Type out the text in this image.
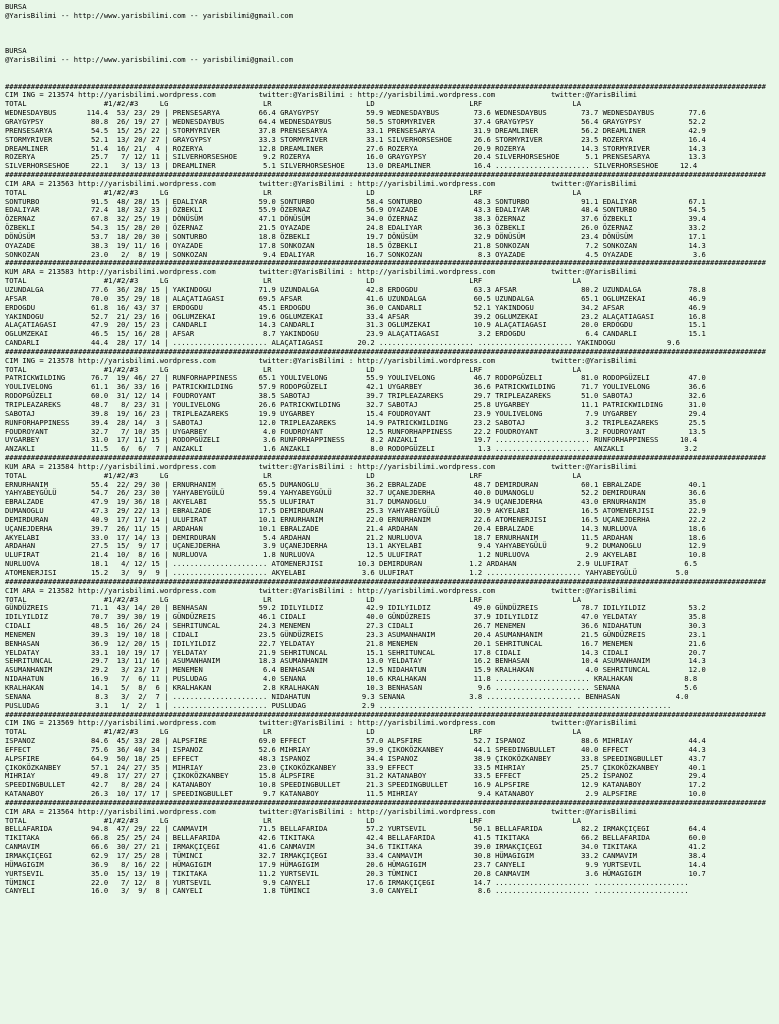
BURSA
@YarisBilimi -- http://www.yarisbilimi.com -- yarisbilimi@gmail.com

BURSA
@YarisBilimi -- http://www.yarisbilimi.com -- yarisbilimi@gmail.com

#################################################################################################################################################################################
CIM ING = 213574 http://yarisbilimi.wordpress.com          twitter:@YarisBilimi : http://yarisbilimi.wordpress.com             twitter:@YarisBilimi
TOTAL                  #1/#2/#3     LG                      LR                      LD                      LRF                     LA
WEDNESDAYBUS       114.4  53/ 23/ 29 | PRENSESARYA         66.4 GRAYGYPSY           59.9 WEDNESDAYBUS        73.6 WEDNESDAYBUS        73.7 WEDNESDAYBUS        77.6
GRAYGYPSY           80.8  26/ 19/ 27 | WEDNESDAYBUS        64.4 WEDNESDAYBUS        50.5 STORMYRIVER         37.4 GRAYGYPSY           56.4 GRAYGYPSY           52.2
PRENSESARYA         54.5  15/ 25/ 22 | STORMYRIVER         37.8 PRENSESARYA         33.1 PRENSESARYA         31.9 DREAMLINER          56.2 DREAMLINER          42.9
STORMYRIVER         52.1  13/ 20/ 27 | GRAYGYPSY           33.3 STORMYRIVER         33.1 SILVERHORSESHOE     26.6 STORMYRIVER         23.5 ROZERYA             16.4
DREAMLINER          51.4  16/ 21/  4 | ROZERYA             12.8 DREAMLINER          27.6 ROZERYA             20.9 ROZERYA             14.3 STORMYRIVER         14.3
ROZERYA             25.7   7/ 12/ 11 | SILVERHORSESHOE      9.2 ROZERYA             16.0 GRAYGYPSY           20.4 SILVERHORSESHOE      5.1 PRENSESARYA         13.3
SILVERHORSESHOE     22.1   3/ 13/ 13 | DREAMLINER           5.1 SILVERHORSESHOE     13.0 DREAMLINER          16.4 ...................... SILVERHORSESHOE     12.4
#################################################################################################################################################################################
CIM ARA = 213563 http://yarisbilimi.wordpress.com          twitter:@YarisBilimi : http://yarisbilimi.wordpress.com             twitter:@YarisBilimi
TOTAL                  #1/#2/#3     LG                      LR                      LD                      LRF                     LA
SONTURBO            91.5  48/ 28/ 15 | EDALIYAR            59.0 SONTURBO            58.4 SONTURBO            48.3 SONTURBO            91.1 EDALIYAR            67.1
EDALIYAR            72.4  18/ 32/ 33 | ÖZBEKLI             55.9 ÖZERNAZ             56.9 OYAZADE             43.3 EDALIYAR            48.4 SONTURBO            54.5
ÖZERNAZ             67.8  32/ 25/ 19 | DÖNÜSÜM             47.1 DÖNÜSÜM             34.0 ÖZERNAZ             38.3 ÖZERNAZ             37.6 ÖZBEKLI             39.4
ÖZBEKLI             54.3  15/ 28/ 20 | ÖZERNAZ             21.5 OYAZADE             24.8 EDALIYAR            36.3 ÖZBEKLI             26.0 ÖZERNAZ             33.2
DÖNÜSÜM             53.7  18/ 20/ 30 | SONTURBO            18.8 ÖZBEKLI             19.7 DÖNÜSÜM             32.9 DÖNÜSÜM             23.4 DÖNÜSÜM             17.1
OYAZADE             38.3  19/ 11/ 16 | OYAZADE             17.8 SONKOZAN            18.5 ÖZBEKLI             21.8 SONKOZAN             7.2 SONKOZAN            14.3
SONKOZAN            23.0   2/  8/ 19 | SONKOZAN             9.4 EDALIYAR            16.7 SONKOZAN             8.3 OYAZADE              4.5 OYAZADE              3.6
#################################################################################################################################################################################
KUM ARA = 213583 http://yarisbilimi.wordpress.com          twitter:@YarisBilimi : http://yarisbilimi.wordpress.com             twitter:@YarisBilimi
TOTAL                  #1/#2/#3     LG                      LR                      LD                      LRF                     LA
UZUNDALGA           77.6  36/ 28/ 15 | YAKINDOGU           71.9 UZUNDALGA           42.8 ERDOGDU             63.3 AFSAR               80.2 UZUNDALGA           78.8
AFSAR               70.0  35/ 29/ 18 | ALAÇATIAGASI        69.5 AFSAR               41.6 UZUNDALGA           60.5 UZUNDALGA           65.1 OGLUMZEKAI          46.9
ERDOGDU             61.8  16/ 43/ 37 | ERDOGDU             45.1 ERDOGDU             36.0 CANDARLI            52.1 YAKINDOGU           34.2 AFSAR               46.9
YAKINDOGU           52.7  21/ 23/ 16 | OGLUMZEKAI          19.6 OGLUMZEKAI          33.4 AFSAR               39.2 OGLUMZEKAI          23.2 ALAÇATIAGASI        16.8
ALAÇATIAGASI        47.9  20/ 15/ 23 | CANDARLI            14.3 CANDARLI            31.3 OGLUMZEKAI          10.9 ALAÇATIAGASI        20.0 ERDOGDU             15.1
OGLUMZEKAI          46.5  15/ 16/ 28 | AFSAR                8.7 YAKINDOGU           23.9 ALAÇATIAGASI         3.2 ERDOGDU              6.4 CANDARLI            15.1
CANDARLI            44.4  28/ 17/ 14 | ...................... ALAÇATIAGASI        20.2 ...................... ...................... YAKINDOGU            9.6
#################################################################################################################################################################################
CIM ING = 213578 http://yarisbilimi.wordpress.com          twitter:@YarisBilimi : http://yarisbilimi.wordpress.com             twitter:@YarisBilimi
TOTAL                  #1/#2/#3     LG                      LR                      LD                      LRF                     LA
PATRICKWILDING      76.7  19/ 46/ 27 | RUNFORHAPPINESS     65.1 YOULIVELONG         55.9 YOULIVELONG         46.7 RODOPGÜZELI         81.0 RODOPGÜZELI         47.0
YOULIVELONG         61.1  36/ 33/ 16 | PATRICKWILDING      57.9 RODOPGÜZELI         42.1 UYGARBEY            36.6 PATRICKWILDING      71.7 YOULIVELONG         36.6
RODOPGÜZELI         60.0  31/ 12/ 14 | FOUDROYANT          38.5 SABOTAJ             39.7 TRIPLEAZAREKS       29.7 TRIPLEAZAREKS       51.0 SABOTAJ             32.6
TRIPLEAZAREKS       48.7   8/ 23/ 31 | YOULIVELONG         26.6 PATRICKWILDING      32.7 SABOTAJ             25.8 UYGARBEY            11.1 PATRICKWILDING      31.0
SABOTAJ             39.8  19/ 16/ 23 | TRIPLEAZAREKS       19.9 UYGARBEY            15.4 FOUDROYANT          23.9 YOULIVELONG          7.9 UYGARBEY            29.4
RUNFORHAPPINESS     39.4  28/ 14/  3 | SABOTAJ             12.0 TRIPLEAZAREKS       14.9 PATRICKWILDING      23.2 SABOTAJ              3.2 TRIPLEAZAREKS       25.5
FOUDROYANT          32.7   7/ 10/ 35 | UYGARBEY             4.0 FOUDROYANT          12.5 RUNFORHAPPINESS     22.2 FOUDROYANT           3.2 FOUDROYANT          13.5
UYGARBEY            31.0  17/ 11/ 15 | RODOPGÜZELI          3.6 RUNFORHAPPINESS      8.2 ANZAKLI             19.7 ...................... RUNFORHAPPINESS     10.4
ANZAKLI             11.5   6/  6/  7 | ANZAKLI              1.6 ANZAKLI              8.0 RODOPGÜZELI          1.3 ...................... ANZAKLI              3.2
#################################################################################################################################################################################
KUM ARA = 213584 http://yarisbilimi.wordpress.com          twitter:@YarisBilimi : http://yarisbilimi.wordpress.com             twitter:@YarisBilimi
TOTAL                  #1/#2/#3     LG                      LR                      LD                      LRF                     LA
ERNURHANIM          55.4  22/ 29/ 30 | ERNURHANIM          65.5 DUMANOGLU           36.2 EBRALZADE           48.7 DEMIRDURAN          60.1 EBRALZADE           40.1
YAHYABEYGÜLÜ        54.7  26/ 23/ 30 | YAHYABEYGÜLÜ        59.4 YAHYABEYGÜLÜ        32.7 UÇANEJDERHA         40.0 DUMANOGLU           52.2 DEMIRDURAN          36.6
EBRALZADE           47.9  19/ 36/ 18 | AKYELABI            55.5 ULUFIRAT            31.7 DUMANOGLU           34.9 UÇANEJDERHA         43.0 ERNURHANIM          35.0
DUMANOGLU           47.3  29/ 22/ 13 | EBRALZADE           17.5 DEMIRDURAN          25.3 YAHYABEYGÜLÜ        30.9 AKYELABI            16.5 ATOMENERJISI        22.9
DEMIRDURAN          40.9  17/ 17/ 14 | ULUFIRAT            10.1 ERNURHANIM          22.0 ERNURHANIM          22.6 ATOMENERJISI        16.5 UÇANEJDERHA         22.2
UÇANEJDERHA         39.7  26/ 11/ 15 | ARDAHAN             10.1 EBRALZADE           21.4 ARDAHAN             20.4 EBRALZADE           14.3 NURLUOVA            18.6
AKYELABI            33.0  17/ 14/ 13 | DEMIRDURAN           5.4 ARDAHAN             21.2 NURLUOVA            18.7 ERNURHANIM          11.5 ARDAHAN             18.6
ARDAHAN             27.5  15/  9/ 17 | UÇANEJDERHA          3.9 UÇANEJDERHA         13.1 AKYELABI             9.4 YAHYABEYGÜLÜ         9.2 DUMANOGLU           12.9
ULUFIRAT            21.4  10/  8/ 16 | NURLUOVA             1.8 NURLUOVA            12.5 ULUFIRAT             1.2 NURLUOVA             2.9 AKYELABI            10.8
NURLUOVA            18.1   4/ 12/ 15 | ...................... ATOMENERJISI        10.3 DEMIRDURAN           1.2 ARDAHAN              2.9 ULUFIRAT             6.5
ATOMENERJISI        15.2   3/  9/  9 | ...................... AKYELABI             3.6 ULUFIRAT             1.2 ...................... YAHYABEYGÜLÜ         5.0
#################################################################################################################################################################################
CIM ARA = 213582 http://yarisbilimi.wordpress.com          twitter:@YarisBilimi : http://yarisbilimi.wordpress.com             twitter:@YarisBilimi
TOTAL                  #1/#2/#3     LG                      LR                      LD                      LRF                     LA
GÜNDÜZREIS          71.1  43/ 14/ 20 | BENHASAN            59.2 IDILYILDIZ          42.9 IDILYILDIZ          49.0 GÜNDÜZREIS          78.7 IDILYILDIZ          53.2
IDILYILDIZ          70.7  39/ 30/ 19 | GÜNDÜZREIS          46.1 CIDALI              40.0 GÜNDÜZREIS          37.9 IDILYILDIZ          47.0 YELDATAY            35.8
CIDALI              48.5  16/ 26/ 24 | SEHRITUNCAL         24.3 MENEMEN             27.3 CIDALI              26.7 MENEMEN             36.6 NIDAHATUN           30.3
MENEMEN             39.3  19/ 10/ 18 | CIDALI              23.5 GÜNDÜZREIS          23.3 ASUMANHANIM         20.4 ASUMANHANIM         21.5 GÜNDÜZREIS          23.1
BENHASAN            36.9  12/ 20/ 15 | IDILYILDIZ          22.7 YELDATAY            21.8 MENEMEN             20.1 SEHRITUNCAL         16.7 MENEMEN             21.6
YELDATAY            33.1  10/ 19/ 17 | YELDATAY            21.9 SEHRITUNCAL         15.1 SEHRITUNCAL         17.8 CIDALI              14.3 CIDALI              20.7
SEHRITUNCAL         29.7  13/ 11/ 16 | ASUMANHANIM         18.3 ASUMANHANIM         13.0 YELDATAY            16.2 BENHASAN            10.4 ASUMANHANIM         14.3
ASUMANHANIM         29.2   3/ 23/ 17 | MENEMEN              6.4 BENHASAN            12.5 NIDAHATUN           15.9 KRALHAKAN            4.0 SEHRITUNCAL         12.0
NIDAHATUN           16.9   7/  6/ 11 | PUSLUDAG             4.0 SENANA              10.6 KRALHAKAN           11.8 ...................... KRALHAKAN            8.8
KRALHAKAN           14.1   5/  8/  6 | KRALHAKAN            2.8 KRALHAKAN           10.3 BENHASAN             9.6 ...................... SENANA               5.6
SENANA               8.3   3/  2/  7 | ...................... NIDAHATUN            9.3 SENANA               3.8 ...................... BENHASAN             4.0
PUSLUDAG             3.1   1/  2/  1 | ...................... PUSLUDAG             2.9 ...................... ...................... ......................
#################################################################################################################################################################################
CIM ING = 213569 http://yarisbilimi.wordpress.com          twitter:@YarisBilimi : http://yarisbilimi.wordpress.com             twitter:@YarisBilimi
TOTAL                  #1/#2/#3     LG                      LR                      LD                      LRF                     LA
ISPANOZ             84.6  45/ 33/ 28 | ALPSFIRE            69.0 EFFECT              57.0 ALPSFIRE            52.7 ISPANOZ             88.6 MIHRIAY             44.4
EFFECT              75.6  36/ 40/ 34 | ISPANOZ             52.6 MIHRIAY             39.9 ÇIKOKÖZKANBEY       44.1 SPEEDINGBULLET      40.0 EFFECT              44.3
ALPSFIRE            64.9  50/ 18/ 25 | EFFECT              48.3 ISPANOZ             34.4 ISPANOZ             38.9 ÇIKOKÖZKANBEY       33.8 SPEEDINGBULLET      43.7
ÇIKOKÖZKANBEY       57.1  24/ 27/ 35 | MIHRIAY             23.0 ÇIKOKÖZKANBEY       33.9 EFFECT              33.5 MIHRIAY             25.7 ÇIKOKÖZKANBEY       40.1
MIHRIAY             49.8  17/ 27/ 27 | ÇIKOKÖZKANBEY       15.8 ALPSFIRE            31.2 KATANABOY           33.5 EFFECT              25.2 ISPANOZ             29.4
SPEEDINGBULLET      42.7   8/ 28/ 24 | KATANABOY           10.8 SPEEDINGBULLET      21.3 SPEEDINGBULLET      16.9 ALPSFIRE            12.9 KATANABOY           17.2
KATANABOY           26.3  10/ 17/ 17 | SPEEDINGBULLET       9.7 KATANABOY           11.5 MIHRIAY              9.4 KATANABOY            2.9 ALPSFIRE            10.0
#################################################################################################################################################################################
CIM ARA = 213564 http://yarisbilimi.wordpress.com          twitter:@YarisBilimi : http://yarisbilimi.wordpress.com             twitter:@YarisBilimi
TOTAL                  #1/#2/#3     LG                      LR                      LD                      LRF                     LA
BELLAFARIDA         94.8  47/ 29/ 22 | CANMAVIM            71.5 BELLAFARIDA         57.2 YURTSEVIL           50.1 BELLAFARIDA         82.2 IRMAKÇIÇEGI         64.4
TIKITAKA            66.8  25/ 25/ 24 | BELLAFARIDA         42.6 TIKITAKA            42.4 BELLAFARIDA         41.5 TIKITAKA            66.2 BELLAFARIDA         60.0
CANMAVIM            66.6  30/ 27/ 21 | IRMAKÇIÇEGI         41.6 CANMAVIM            34.6 TIKITAKA            39.0 IRMAKÇIÇEGI         34.0 TIKITAKA            41.2
IRMAKÇIÇEGI         62.9  17/ 25/ 28 | TÜMINCI             32.7 IRMAKÇIÇEGI         33.4 CANMAVIM            30.8 HÜMAGIGIM           33.2 CANMAVIM            38.4
HÜMAGIGIM           36.9   8/ 16/ 22 | HÜMAGIGIM           17.9 HÜMAGIGIM           20.6 HÜMAGIGIM           23.7 CANYELI              9.9 YURTSEVIL           14.4
YURTSEVIL           35.0  15/ 13/ 19 | TIKITAKA            11.2 YURTSEVIL           20.3 TÜMINCI             20.8 CANMAVIM             3.6 HÜMAGIGIM           10.7
TÜMINCI             22.0   7/ 12/  8 | YURTSEVIL            9.9 CANYELI             17.6 IRMAKÇIÇEGI         14.7 ...................... ......................
CANYELI             16.0   3/  9/  8 | CANYELI              1.8 TÜMINCI              3.0 CANYELI              8.6 ...................... ......................
